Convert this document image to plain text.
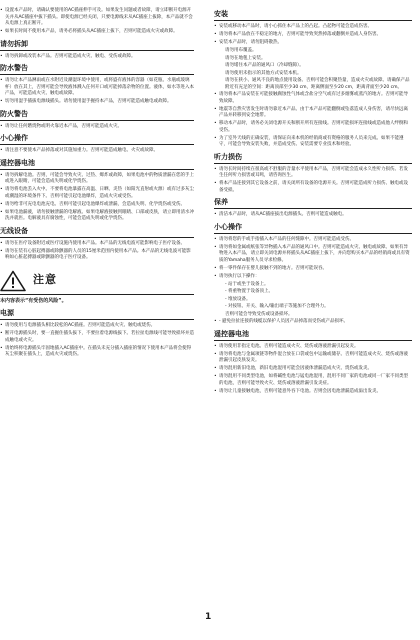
• 设置本产品时，请确认要使用的AC插座伸手可及。如果发生问题或者故障，请立即断开电源开关并从AC插座中拔下插头。即使电源已经关闭，只要电源线未从AC插座上拔除，本产品就不会从电源上真正断开。
• 如果长时间不使用本产品，请务必将插头从AC插座上拔下，否则可能造成火灾或故障。
请勿拆卸
• 请勿拆卸或改装本产品。否则可能造成火灾、触电、受伤或故障。
防水警告
• 请勿让本产品淋雨或在水附近及潮湿环境中使用，或将盛有液体的容器（如花瓶、水瓶或玻璃杯）放在其上，否则可能会导致液体溅入任何开口或可能掉落杂物的位置。液体，如水等进入本产品，可能造成火灾、触电或故障。
• 切勿用湿手插拔电源线插头。请勿使用湿手握持本产品，否则可能造成触电或故障。
防火警告
• 请勿让任何燃烧物或明火靠近本产品，否则可能造成火灾。
小心操作
• 请注意不要使本产品掉落或对其施加重力。否则可能造成触电、火灾或故障。
遥控器电池
• 请勿拆解电池。否则，可能会导致火灾、过热、爆炸或故障，如果电池中的物质泄漏在您的手上或进入眼睛，可能会造成失明或化学烧伤。
• 请勿将电池丢入火中。不要将电池暴露在高温、日晒、炎热（如阳光直射或火源）或有过多灰尘或潮湿的环境条件下。否则可能引起电池爆炸，造成火灾或受伤。
• 请勿给非可充电电池充电。否则可能引起电池爆炸或泄漏，会造成失明、化学烧伤或受伤。
• 如果电池漏液，请勿接触泄漏的电解液。如果电解液接触到眼睛、口部或皮肤，请立即用清水冲洗并就医。电解液具有腐蚀性，可能会造成失明或化学烧伤。
无线设备
• 请勿在医疗设备附近或医疗设施内使用本产品。本产品的无线电波可能影响电子医疗设备。
• 请勿在装有心脏起搏器或除颤器的人员的15厘米范围内使用本产品。本产品的无线电波可能影响如心脏起搏器或除颤器的电子医疗设备。
注意
本内容表示“有受伤的风险”。
电源
• 请勿使用与电源插头相比较松的AC插座。否则可能造成火灾、触电或烧伤。
• 断开电源插头时，要一直握住插头拔下，不要拉着电源线拔下。若拉扯电源线可能导致损坏并造成触电或火灾。
• 请始终将电源插头牢固地插入AC插座中。在插头未充分插入插座的情况下使用本产品将会使得灰尘积聚在插头上，造成火灾或烧伤。
安装
• 安装或移动本产品时，请小心抓住本产品上的凸起。凸起物可能会造成伤害。
• 请勿将本产品放在不稳定的地方，否则可能导致突然掉落或翻倒并造成人身伤害。
• 安装本产品时，请勿阻碍散热。
请勿用布覆盖。
请勿在地毯上安装。
请勿堵住本产品的通风口（冷却缝隙）。
请勿使用未指示的其他方式安装本机。
请勿在狭小、通风不良的地点使用设备。否则可能会积聚热量，造成火灾或故障。请确保产品附近有充足的空间：距离顶部至少30 cm，距离侧面至少20 cm，距离背面至少20 cm。
• 请勿将本产品安装在可能接触腐蚀性气体或含盐分空气或有过多烟雾或蒸汽的地方。否则可能导致故障。
• 地震等自然灾害发生时请勿靠近本产品。由于本产品可能翻倒或坠落造成人身伤害，请尽快远离产品并转移到安全地带。
• 移动本产品时，请务必关闭电源开关和断开所有连接线。否则可能损坏连接线或造成他人绊倒和受伤。
• 为了室外天线的正确安装，请保证向来本机的经销商或有资格的服务人员来完成。如果不能遵守，可能会导致安装失败，并造成受伤。安装需要专业技术和经验。
听力损伤
• 请勿长时间持续在很高或不舒服的音量水平使用本产品，否则可能会造成永久性听力损伤。若发生任何听力损害或耳鸣，请咨询医生。
• 将本产品连接到其它设备之前，请关闭所有设备的电源开关。否则可能造成听力损伤、触电或设备受损。
保养
• 清洁本产品时，请从AC插座拔出电源插头。否则可能造成触电。
小心操作
• 请勿将您的手或手指插入本产品的任何缝隙中。否则可能造成受伤。
• 请勿将如金属或纸张等异物插入本产品的通风口中。否则可能造成火灾、触电或故障。如果有异物进入本产品，请立即关闭电源并将插头从AC插座上拔下，并向您购买本产品的经销商或具有资质的Yamaha服务人员寻求检修。
• 将一零件保存在婴儿接触不到的地方。否则可能误吞。
• 请勿执行以下操作：
- 站于或坐于设备上。
- 将重物置于设备顶上。
- 堆放设备。
- 对按钮、开关、输入/输出端子等施加不合理外力。
否则可能会导致受伤或设备损坏。
• - 避免拉扯连接的线缆以保护人员因产品掉落而受伤或产品损坏。
遥控器电池
• 请勿使用非指定电池。否则可能造成火灾、烧伤或溶液泄漏引起发炎。
• 请勿将电池与金属项链等物件混合放在口袋或包中运输或储存。否则可能造成火灾、烧伤或溶液泄漏引起皮肤发炎。
• 请勿混用新旧电池，新旧电池混用可能会因液体泄漏造成火灾、烧伤或发炎。
• 请勿混用不同类型电池，如将碱性电池与锰电池混用，混用不同厂家的电池或同一厂家不同类型的电池，否则可能导致火灾、烧伤或溶液泄漏引发炎症。
• 请勿让儿童接触电池，否则可能意外吞下电池。否则会因电池泄漏造成溢出发炎。
1
